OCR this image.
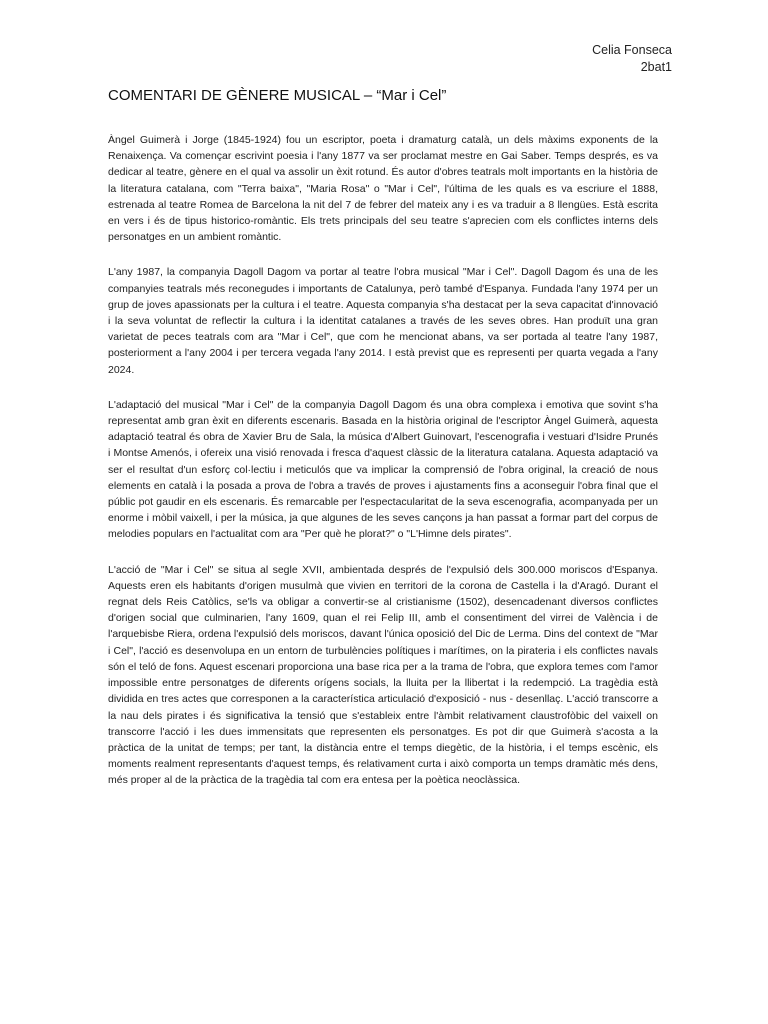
Celia Fonseca
2bat1
COMENTARI DE GÈNERE MUSICAL – “Mar i Cel”

Àngel Guimerà i Jorge (1845-1924) fou un escriptor, poeta i dramaturg català, un dels màxims exponents de la Renaixença. Va començar escrivint poesia i l'any 1877 va ser proclamat mestre en Gai Saber. Temps després, es va dedicar al teatre, gènere en el qual va assolir un èxit rotund. És autor d'obres teatrals molt importants en la història de la literatura catalana, com "Terra baixa", "Maria Rosa" o "Mar i Cel", l'última de les quals es va escriure el 1888, estrenada al teatre Romea de Barcelona la nit del 7 de febrer del mateix any i es va traduir a 8 llengües. Està escrita en vers i és de tipus historico-romàntic. Els trets principals del seu teatre s'aprecien com els conflictes interns dels personatges en un ambient romàntic.

L'any 1987, la companyia Dagoll Dagom va portar al teatre l'obra musical "Mar i Cel". Dagoll Dagom és una de les companyies teatrals més reconegudes i importants de Catalunya, però també d'Espanya. Fundada l'any 1974 per un grup de joves apassionats per la cultura i el teatre. Aquesta companyia s'ha destacat per la seva capacitat d'innovació i la seva voluntat de reflectir la cultura i la identitat catalanes a través de les seves obres. Han produït una gran varietat de peces teatrals com ara "Mar i Cel", que com he mencionat abans, va ser portada al teatre l'any 1987, posteriorment a l'any 2004 i per tercera vegada l'any 2014. I està previst que es representi per quarta vegada a l'any 2024.

L'adaptació del musical "Mar i Cel" de la companyia Dagoll Dagom és una obra complexa i emotiva que sovint s'ha representat amb gran èxit en diferents escenaris. Basada en la història original de l'escriptor Àngel Guimerà, aquesta adaptació teatral és obra de Xavier Bru de Sala, la música d'Albert Guinovart, l'escenografia i vestuari d'Isidre Prunés i Montse Amenós, i ofereix una visió renovada i fresca d'aquest clàssic de la literatura catalana. Aquesta adaptació va ser el resultat d'un esforç col·lectiu i meticulós que va implicar la comprensió de l'obra original, la creació de nous elements en català i la posada a prova de l'obra a través de proves i ajustaments fins a aconseguir l'obra final que el públic pot gaudir en els escenaris. És remarcable per l'espectacularitat de la seva escenografia, acompanyada per un enorme i mòbil vaixell, i per la música, ja que algunes de les seves cançons ja han passat a formar part del corpus de melodies populars en l'actualitat com ara "Per què he plorat?" o "L'Himne dels pirates".

L'acció de "Mar i Cel" se situa al segle XVII, ambientada després de l'expulsió dels 300.000 moriscos d'Espanya. Aquests eren els habitants d'origen musulmà que vivien en territori de la corona de Castella i la d'Aragó. Durant el regnat dels Reis Catòlics, se'ls va obligar a convertir-se al cristianisme (1502), desencadenant diversos conflictes d'origen social que culminarien, l'any 1609, quan el rei Felip III, amb el consentiment del virrei de València i de l'arquebisbe Riera, ordena l'expulsió dels moriscos, davant l'única oposició del Dic de Lerma. Dins del context de "Mar i Cel", l'acció es desenvolupa en un entorn de turbulències polítiques i marítimes, on la pirateria i els conflictes navals són el teló de fons. Aquest escenari proporciona una base rica per a la trama de l'obra, que explora temes com l'amor impossible entre personatges de diferents orígens socials, la lluita per la llibertat i la redempció. La tragèdia està dividida en tres actes que corresponen a la característica articulació d'exposició - nus - desenllaç. L'acció transcorre a la nau dels pirates i és significativa la tensió que s'estableix entre l'àmbit relativament claustrofòbic del vaixell on transcorre l'acció i les dues immensitats que representen els personatges. Es pot dir que Guimerà s'acosta a la pràctica de la unitat de temps; per tant, la distància entre el temps diegètic, de la història, i el temps escènic, els moments realment representants d'aquest temps, és relativament curta i això comporta un temps dramàtic més dens, més proper al de la pràctica de la tragèdia tal com era entesa per la poètica neoclàssica.
